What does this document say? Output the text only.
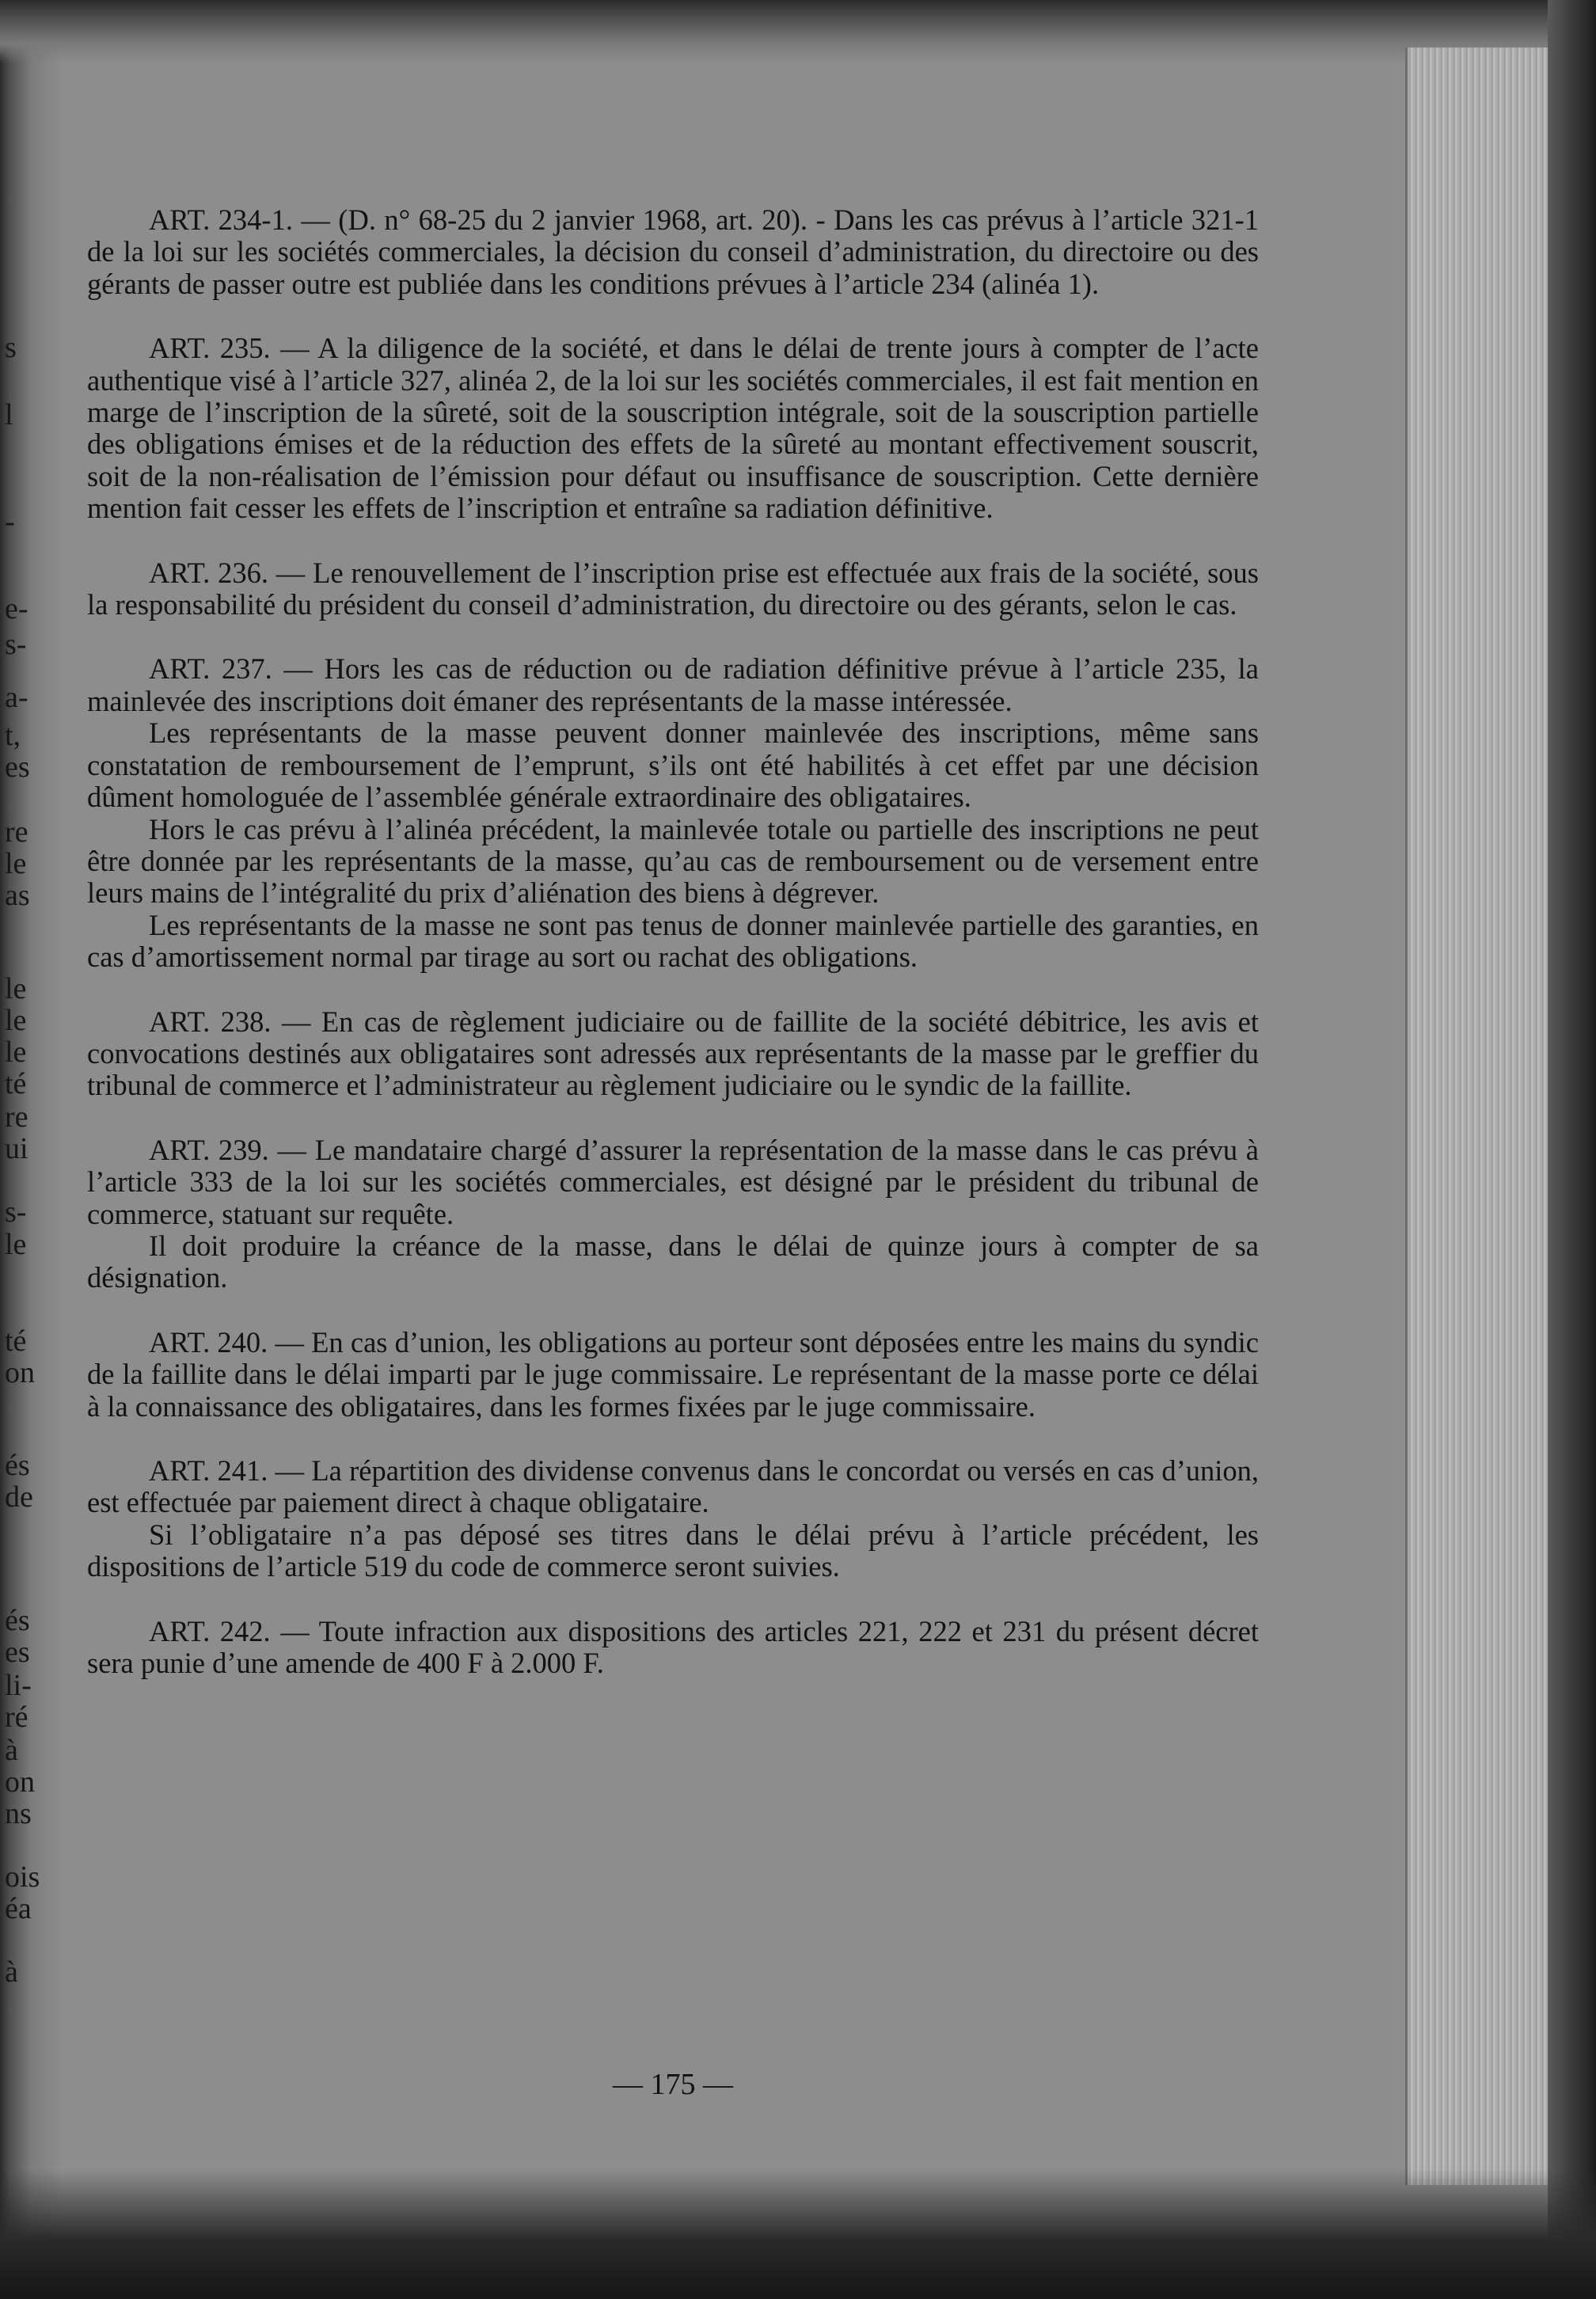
s
l
-
e-
s-
a-
t,
es
re
le
as
le
le
le
té
re
ui
s-
le
té
on
és
de
és
es
li-
ré
à
on
ns
ois
éa
à

ART. 234-1. — (D. n° 68-25 du 2 janvier 1968, art. 20). - Dans les cas prévus à l’article 321-1 de la loi sur les sociétés commerciales, la décision du conseil d’administration, du directoire ou des gérants de passer outre est publiée dans les conditions prévues à l’article 234 (alinéa 1).

ART. 235. — A la diligence de la société, et dans le délai de trente jours à compter de l’acte authentique visé à l’article 327, alinéa 2, de la loi sur les sociétés commerciales, il est fait mention en marge de l’inscription de la sûreté, soit de la souscription intégrale, soit de la souscription partielle des obligations émises et de la réduction des effets de la sûreté au montant effectivement souscrit, soit de la non-réalisation de l’émission pour défaut ou insuffisance de souscription. Cette dernière mention fait cesser les effets de l’inscription et entraîne sa radiation définitive.

ART. 236. — Le renouvellement de l’inscription prise est effectuée aux frais de la société, sous la responsabilité du président du conseil d’administration, du directoire ou des gérants, selon le cas.

ART. 237. — Hors les cas de réduction ou de radiation définitive prévue à l’article 235, la mainlevée des inscriptions doit émaner des représentants de la masse intéressée.

Les représentants de la masse peuvent donner mainlevée des inscriptions, même sans constatation de remboursement de l’emprunt, s’ils ont été habilités à cet effet par une décision dûment homologuée de l’assemblée générale extraordinaire des obligataires.

Hors le cas prévu à l’alinéa précédent, la mainlevée totale ou partielle des inscriptions ne peut être donnée par les représentants de la masse, qu’au cas de remboursement ou de versement entre leurs mains de l’intégralité du prix d’aliénation des biens à dégrever.

Les représentants de la masse ne sont pas tenus de donner mainlevée partielle des garanties, en cas d’amortissement normal par tirage au sort ou rachat des obligations.

ART. 238. — En cas de règlement judiciaire ou de faillite de la société débitrice, les avis et convocations destinés aux obligataires sont adressés aux représentants de la masse par le greffier du tribunal de commerce et l’administrateur au règlement judiciaire ou le syndic de la faillite.

ART. 239. — Le mandataire chargé d’assurer la représentation de la masse dans le cas prévu à l’article 333 de la loi sur les sociétés commerciales, est désigné par le président du tribunal de commerce, statuant sur requête.

Il doit produire la créance de la masse, dans le délai de quinze jours à compter de sa désignation.

ART. 240. — En cas d’union, les obligations au porteur sont déposées entre les mains du syndic de la faillite dans le délai imparti par le juge commissaire. Le représentant de la masse porte ce délai à la connaissance des obligataires, dans les formes fixées par le juge commissaire.

ART. 241. — La répartition des dividense convenus dans le concordat ou versés en cas d’union, est effectuée par paiement direct à chaque obligataire.

Si l’obligataire n’a pas déposé ses titres dans le délai prévu à l’article précédent, les dispositions de l’article 519 du code de commerce seront suivies.

ART. 242. — Toute infraction aux dispositions des articles 221, 222 et 231 du présent décret sera punie d’une amende de 400 F à 2.000 F.

— 175 —
